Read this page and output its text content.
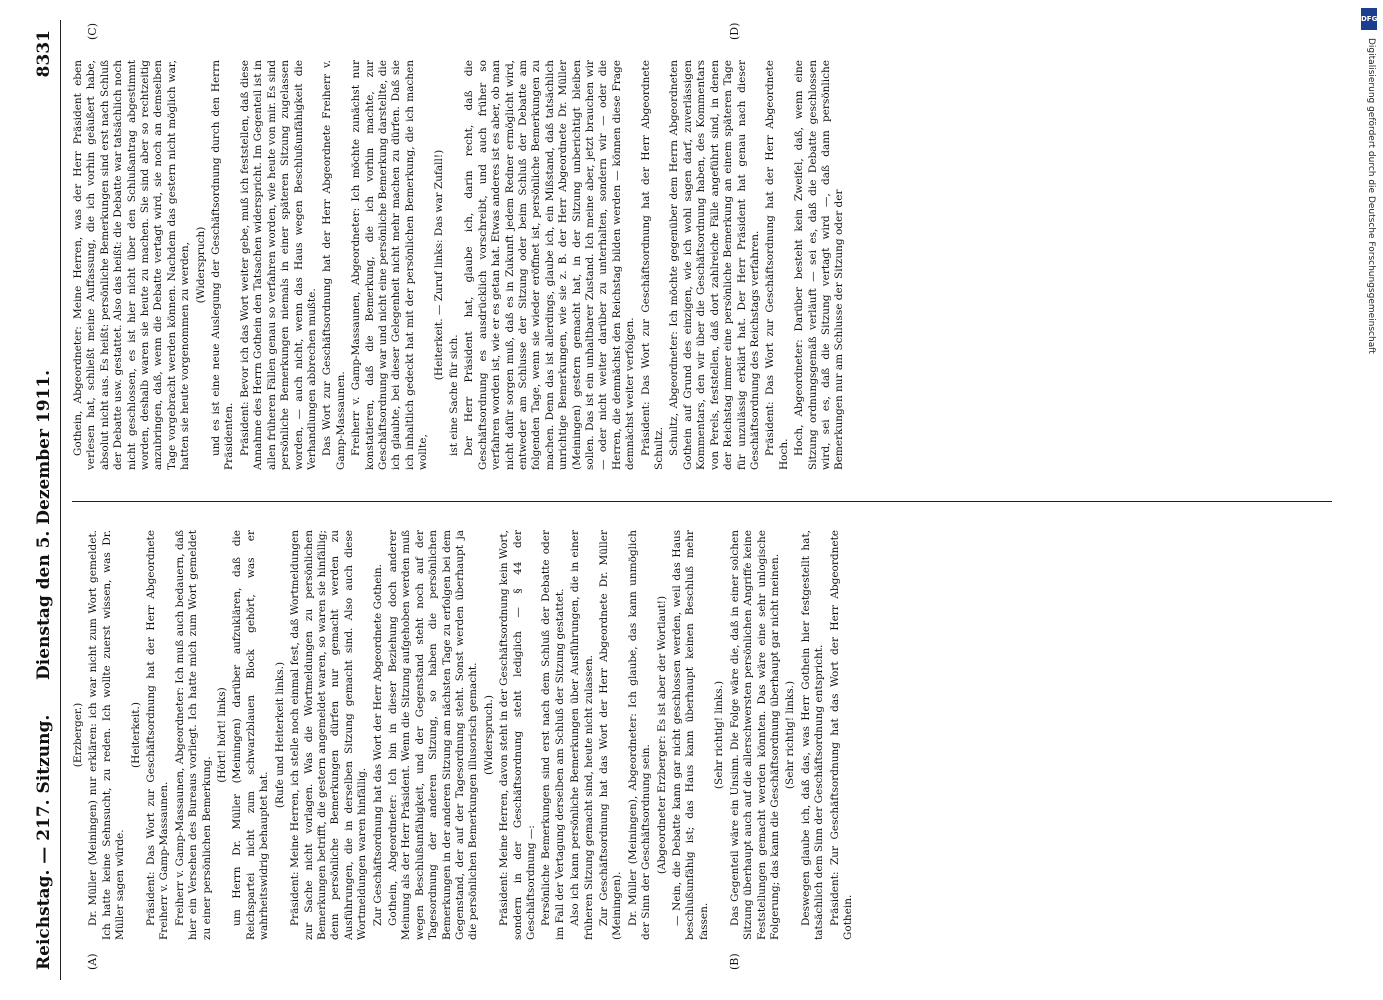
Reichstag. — 217. Sitzung.
Dienstag den 5. Dezember 1911.
8331
(A)	(B)
(C)	(D)

(Erzberger.) Dr. Müller (Meiningen) nur erklären: ich war nicht zum Wort gemeldet. Ich hatte keine Sehnsucht, zu reden. Ich wollte zuerst wissen, was Dr. Müller sagen würde.

(Heiterkeit.) Präsident: Das Wort zur Geschäftsordnung hat der Herr Abgeordnete Freiherr v. Gamp-Massaunen. Freiherr v. Gamp-Massaunen, Abgeordneter: Ich muß auch bedauern, daß hier ein Versehen des Bureaus vorliegt. Ich hatte mich zum Wort gemeldet zu einer persönlichen Bemerkung.

(Hört! hört! links) um Herrn Dr. Müller (Meiningen) darüber aufzuklären, daß die Reichspartei nicht zum schwarzblauen Block gehört, was er wahrheitswidrig behauptet hat.

(Rufe und Heiterkeit links.) Präsident: Meine Herren, ich stelle noch einmal fest, daß Wortmeldungen zur Sache nicht vorlagen. Was die Wortmeldungen zu persönlichen Bemerkungen betrifft, die gestern angemeldet waren, so waren sie hinfällig; denn persönliche Bemerkungen dürfen nur gemacht werden zu Ausführungen, die in derselben Sitzung gemacht sind. Also auch diese Wortmeldungen waren hinfällig. Zur Geschäftsordnung hat das Wort der Herr Abgeordnete Gothein. Gothein, Abgeordneter: Ich bin in dieser Beziehung doch anderer Meinung als der Herr Präsident. Wenn die Sitzung aufgehoben werden muß wegen Beschlußunfähigkeit, und der Gegenstand steht noch auf der Tagesordnung der anderen Sitzung, so haben die persönlichen Bemerkungen in der anderen Sitzung am nächsten Tage zu erfolgen bei dem Gegenstand, der auf der Tagesordnung steht. Sonst werden überhaupt ja die persönlichen Bemerkungen illusorisch gemacht. (Widerspruch.) Präsident: Meine Herren, davon steht in der Geschäftsordnung kein Wort, sondern in der Geschäftsordnung steht lediglich — § 44 der Geschäftsordnung —: Persönliche Bemerkungen sind erst nach dem Schluß der Debatte oder im Fall der Vertagung derselben am Schluß der Sitzung gestattet. Also ich kann persönliche Bemerkungen über Ausführungen, die in einer früheren Sitzung gemacht sind, heute nicht zulassen. Zur Geschäftsordnung hat das Wort der Herr Abgeordnete Dr. Müller (Meiningen). Dr. Müller (Meiningen), Abgeordneter: Ich glaube, das kann unmöglich der Sinn der Geschäftsordnung sein. (Abgeordneter Erzberger: Es ist aber der Wortlaut!) — Nein, die Debatte kann gar nicht geschlossen werden, weil das Haus beschlußunfähig ist; das Haus kann überhaupt keinen Beschluß mehr fassen.

(Sehr richtig! links.) Das Gegenteil wäre ein Unsinn. Die Folge wäre die, daß in einer solchen Sitzung überhaupt auch auf die allerschwersten persönlichen Angriffe keine Feststellungen gemacht werden könnten. Das wäre eine sehr unlogische Folgerung; das kann die Geschäftsordnung überhaupt gar nicht meinen. (Sehr richtig! links.) Deswegen glaube ich, daß das, was Herr Gothein hier festgestellt hat, tatsächlich dem Sinn der Geschäftsordnung entspricht. Präsident: Zur Geschäftsordnung hat das Wort der Herr Abgeordnete Gothein.

Gothein, Abgeordneter: Meine Herren, was der Herr Präsident eben verlesen hat, schließt meine Auffassung, die ich vorhin geäußert habe, absolut nicht aus. Es heißt: persönliche Bemerkungen sind erst nach Schluß der Debatte usw. gestattet. Also das heißt: die Debatte war tatsächlich noch nicht geschlossen, es ist hier nicht über den Schlußantrag abgestimmt worden, deshalb waren sie heute zu machen. Sie sind aber so rechtzeitig anzubringen, daß, wenn die Debatte vertagt wird, sie noch an demselben Tage vorgebracht werden können. Nachdem das gestern nicht möglich war, hatten sie heute vorgenommen zu werden, (Widerspruch) und es ist eine neue Auslegung der Geschäftsordnung durch den Herrn Präsidenten. Präsident: Bevor ich das Wort weiter gebe, muß ich feststellen, daß diese Annahme des Herrn Gothein den Tatsachen widerspricht. Im Gegenteil ist in allen früheren Fällen genau so verfahren worden, wie heute von mir. Es sind persönliche Bemerkungen niemals in einer späteren Sitzung zugelassen worden, — auch nicht, wenn das Haus wegen Beschlußunfähigkeit die Verhandlungen abbrechen mußte. Das Wort zur Geschäftsordnung hat der Herr Abgeordnete Freiherr v. Gamp-Massaunen. Freiherr v. Gamp-Massaunen, Abgeordneter: Ich möchte zunächst nur konstatieren, daß die Bemerkung, die ich vorhin machte, zur Geschäftsordnung war und nicht eine persönliche Bemerkung darstellte, die ich glaubte, bei dieser Gelegenheit nicht mehr machen zu dürfen. Daß sie ich inhaltlich gedeckt hat mit der persönlichen Bemerkung, die ich machen wollte,

(Heiterkeit. — Zuruf links: Das war Zufall!)

ist eine Sache für sich. Der Herr Präsident hat, glaube ich, darin recht, daß die Geschäftsordnung es ausdrücklich vorschreibt, und auch früher so verfahren worden ist, wie er es getan hat. Etwas anderes ist es aber, ob man nicht dafür sorgen muß, daß es in Zukunft jedem Redner ermöglicht wird, entweder am Schlusse der Sitzung oder beim Schluß der Debatte am folgenden Tage, wenn sie wieder eröffnet ist, persönliche Bemerkungen zu machen. Denn das ist allerdings, glaube ich, ein Mißstand, daß tatsächlich unrichtige Bemerkungen, wie sie z. B. der Herr Abgeordnete Dr. Müller (Meiningen) gestern gemacht hat, in der Sitzung unberichtigt bleiben sollen. Das ist ein unhaltbarer Zustand. Ich meine aber, jetzt brauchen wir — oder nicht weiter darüber zu unterhalten, sondern wir — oder die Herren, die demnächst den Reichstag bilden werden — können diese Frage demnächst weiter verfolgen. Präsident: Das Wort zur Geschäftsordnung hat der Herr Abgeordnete Schultz. Schultz, Abgeordneter: Ich möchte gegenüber dem Herrn Abgeordneten Gothein auf Grund des einzigen, wie ich wohl sagen darf, zuverlässigen Kommentars, den wir über die Geschäftsordnung haben, des Kommentars von Perels, feststellen, daß dort zahlreiche Fälle angeführt sind, in denen der Reichstag immer eine persönliche Bemerkung an einem späteren Tage für unzulässig erklärt hat. Der Herr Präsident hat genau nach dieser Geschäftsordnung des Reichstags verfahren. Präsident: Das Wort zur Geschäftsordnung hat der Herr Abgeordnete Hoch. Hoch, Abgeordneter: Darüber besteht kein Zweifel, daß, wenn eine Sitzung ordnungsgemäß verläuft — sei es, daß die Debatte geschlossen wird, sei es, daß die Sitzung vertagt wird —, daß dann persönliche Bemerkungen nur am Schlusse der Sitzung oder der

DFG
Digitalisierung gefördert durch die Deutsche Forschungsgemeinschaft
